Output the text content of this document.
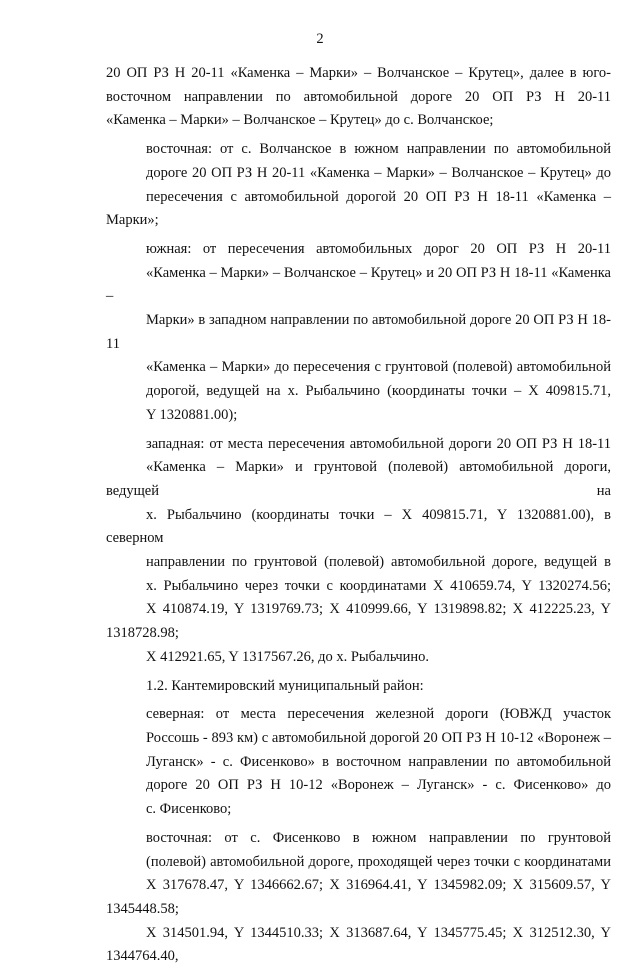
2

20 ОП РЗ Н 20-11 «Каменка – Марки» – Волчанское – Крутец», далее в юго-
восточном направлении по автомобильной дороге 20 ОП РЗ Н 20-11
«Каменка – Марки» – Волчанское – Крутец» до с. Волчанское;

восточная: от с. Волчанское в южном направлении по автомобильной
дороге 20 ОП РЗ Н 20-11 «Каменка – Марки» – Волчанское – Крутец» до
пересечения с автомобильной дорогой 20 ОП РЗ Н 18-11 «Каменка – Марки»;

южная: от пересечения автомобильных дорог 20 ОП РЗ Н 20-11
«Каменка – Марки» – Волчанское – Крутец» и 20 ОП РЗ Н 18-11 «Каменка –
Марки» в западном направлении по автомобильной дороге 20 ОП РЗ Н 18-11
«Каменка – Марки» до пересечения с грунтовой (полевой) автомобильной
дорогой, ведущей на х. Рыбальчино (координаты точки – X 409815.71,
Y 1320881.00);

западная: от места пересечения автомобильной дороги 20 ОП РЗ Н 18-11
«Каменка – Марки» и грунтовой (полевой) автомобильной дороги, ведущей на
х. Рыбальчино (координаты точки – X 409815.71, Y 1320881.00), в северном
направлении по грунтовой (полевой) автомобильной дороге, ведущей в
х. Рыбальчино через точки с координатами X 410659.74, Y 1320274.56;
X 410874.19, Y 1319769.73; X 410999.66, Y 1319898.82; X 412225.23, Y 1318728.98;
X 412921.65, Y 1317567.26, до х. Рыбальчино.

1.2. Кантемировский муниципальный район:

северная: от места пересечения железной дороги (ЮВЖД участок
Россошь - 893 км) с автомобильной дорогой 20 ОП РЗ Н 10-12 «Воронеж –
Луганск» - с. Фисенково» в восточном направлении по автомобильной
дороге 20 ОП РЗ Н 10-12 «Воронеж – Луганск» - с. Фисенково» до
с. Фисенково;

восточная: от с. Фисенково в южном направлении по грунтовой
(полевой) автомобильной дороге, проходящей через точки с координатами
X 317678.47, Y 1346662.67; X 316964.41, Y 1345982.09; X 315609.57, Y 1345448.58;
X 314501.94, Y 1344510.33; X 313687.64, Y 1345775.45; X 312512.30, Y 1344764.40,
